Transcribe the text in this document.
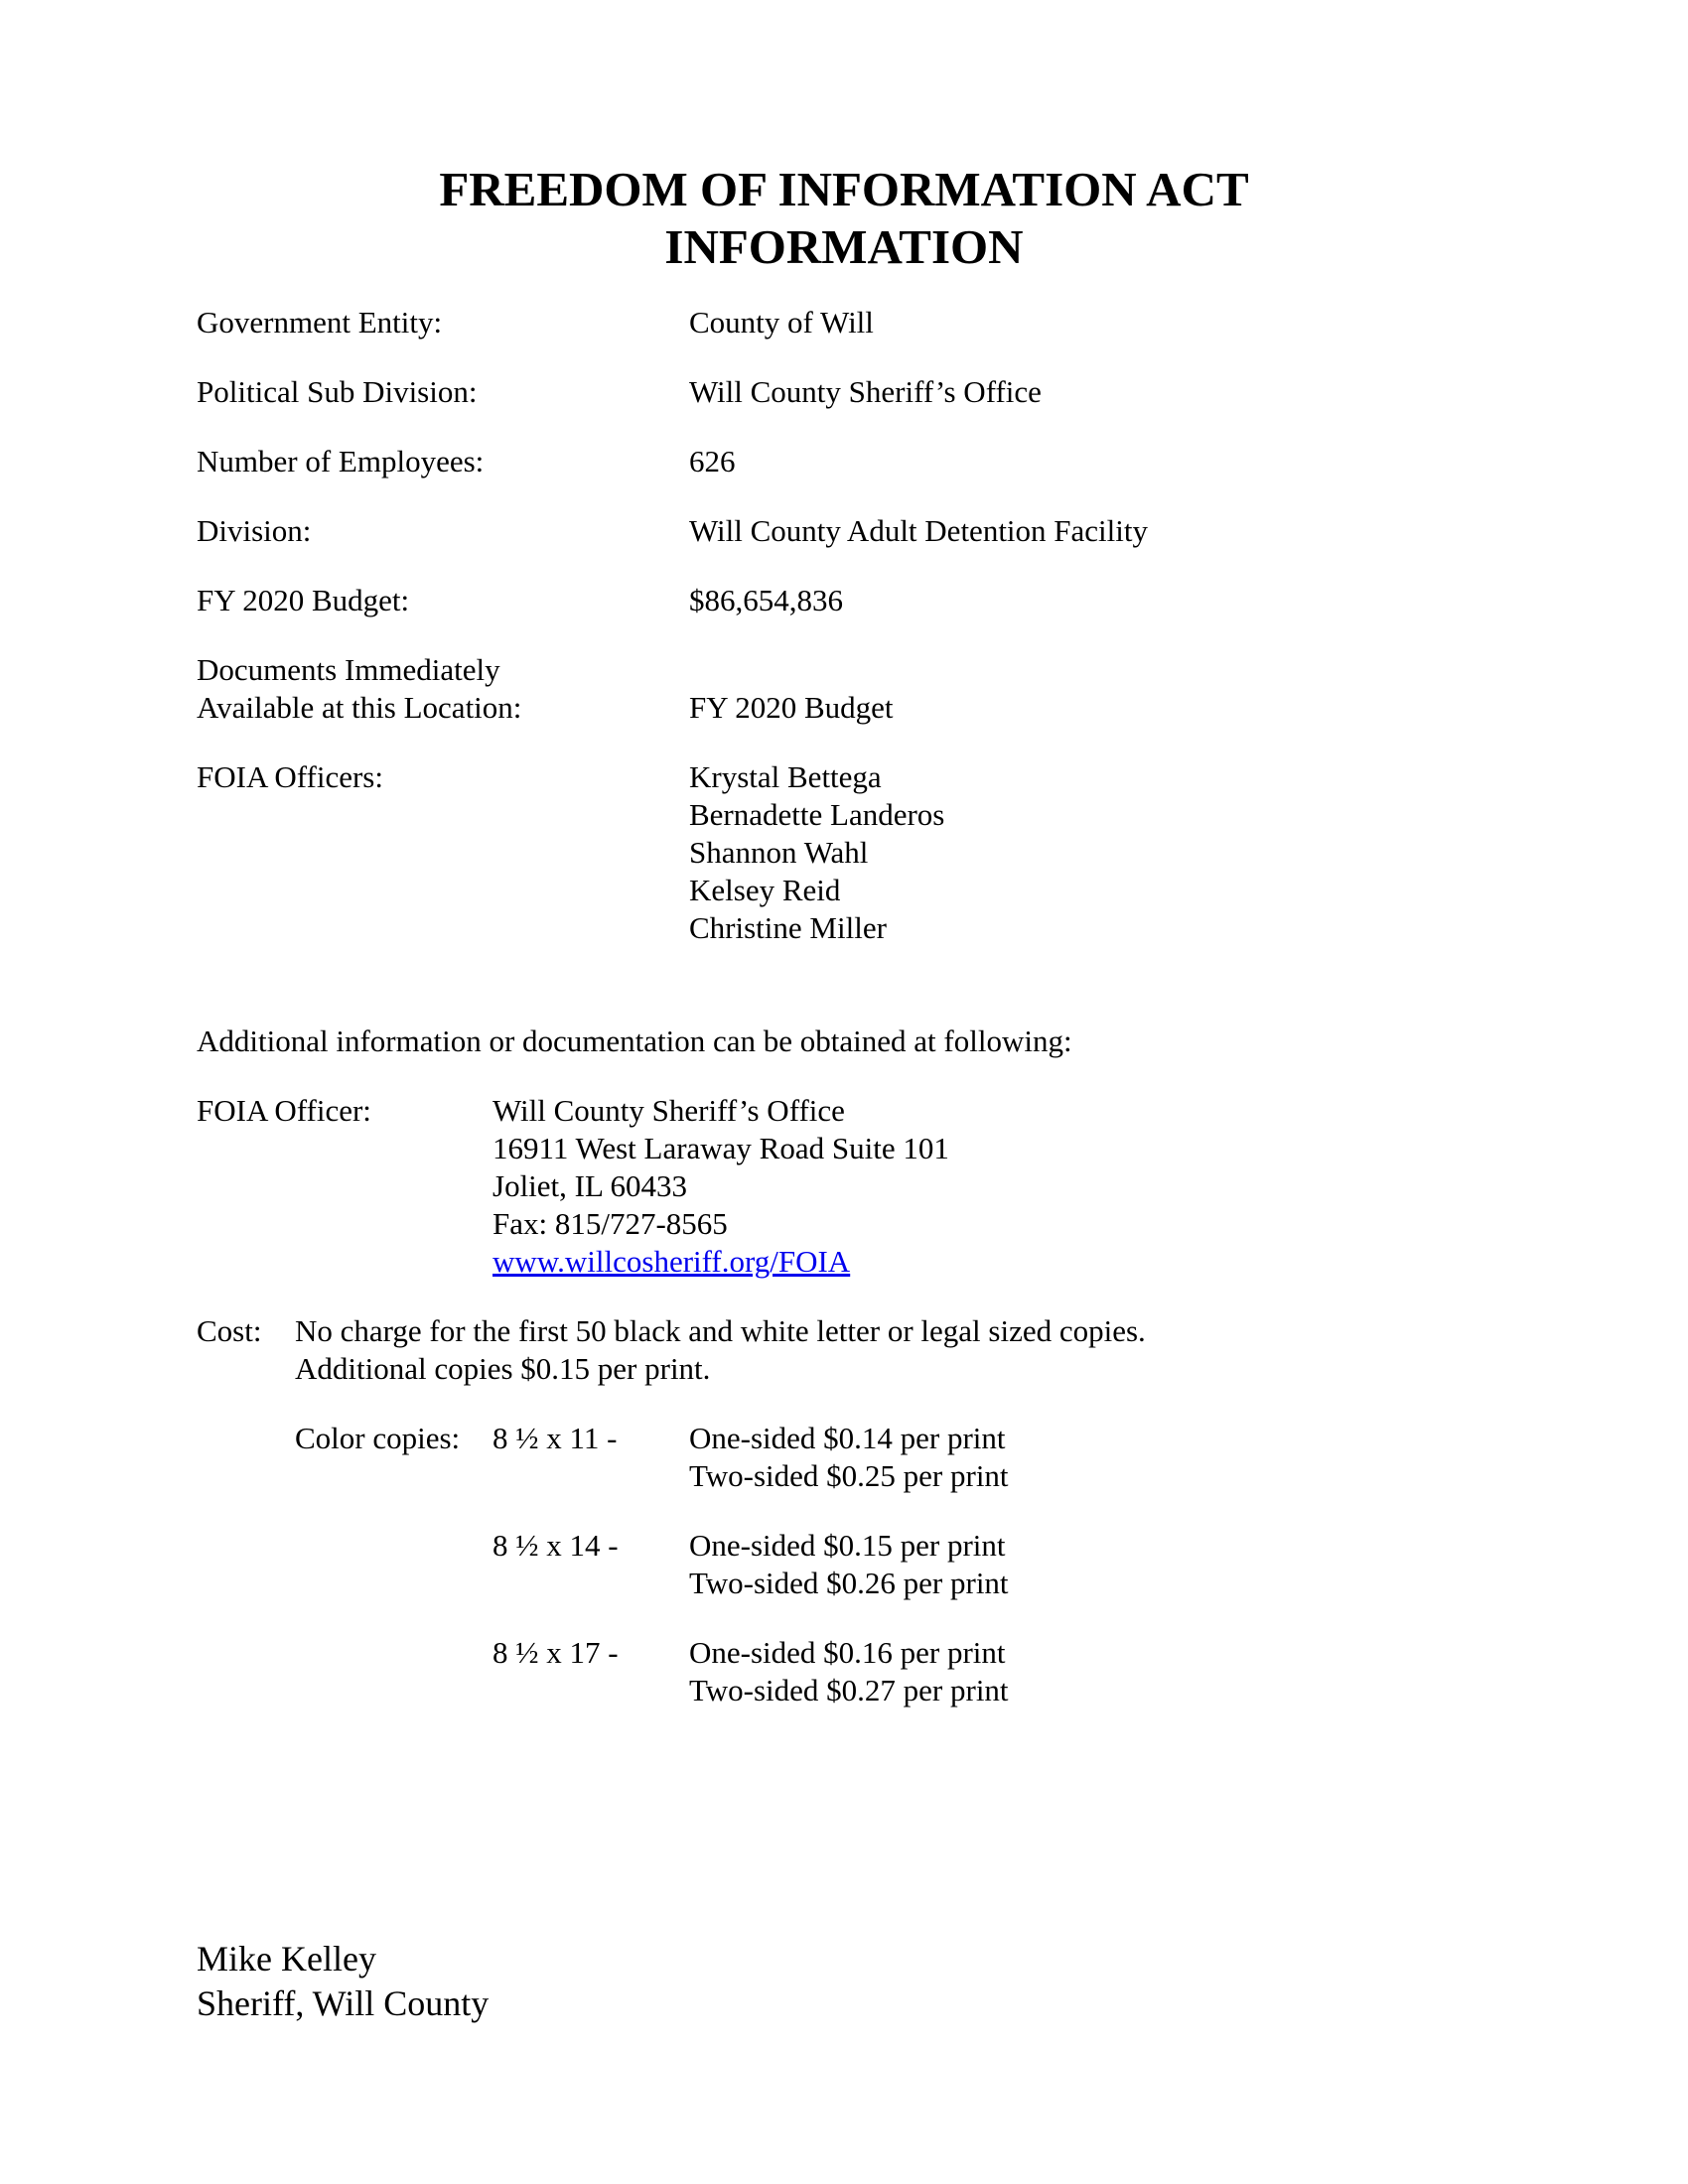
FREEDOM OF INFORMATION ACT
INFORMATION
Government Entity:	County of Will
Political Sub Division:	Will County Sheriff’s Office
Number of Employees:	626
Division:	Will County Adult Detention Facility
FY 2020 Budget:	$86,654,836
Documents Immediately
Available at this Location:	FY 2020 Budget
FOIA Officers:	Krystal Bettega
Bernadette Landeros
Shannon Wahl
Kelsey Reid
Christine Miller
Additional information or documentation can be obtained at following:
FOIA Officer:	Will County Sheriff’s Office
16911 West Laraway Road Suite 101
Joliet, IL 60433
Fax: 815/727-8565
www.willcosheriff.org/FOIA
Cost: No charge for the first 50 black and white letter or legal sized copies.
Additional copies $0.15 per print.
Color copies: 8 ½ x 11 - One-sided $0.14 per print
Two-sided $0.25 per print
8 ½ x 14 - One-sided $0.15 per print
Two-sided $0.26 per print
8 ½ x 17 - One-sided $0.16 per print
Two-sided $0.27 per print
Mike Kelley
Sheriff, Will County
